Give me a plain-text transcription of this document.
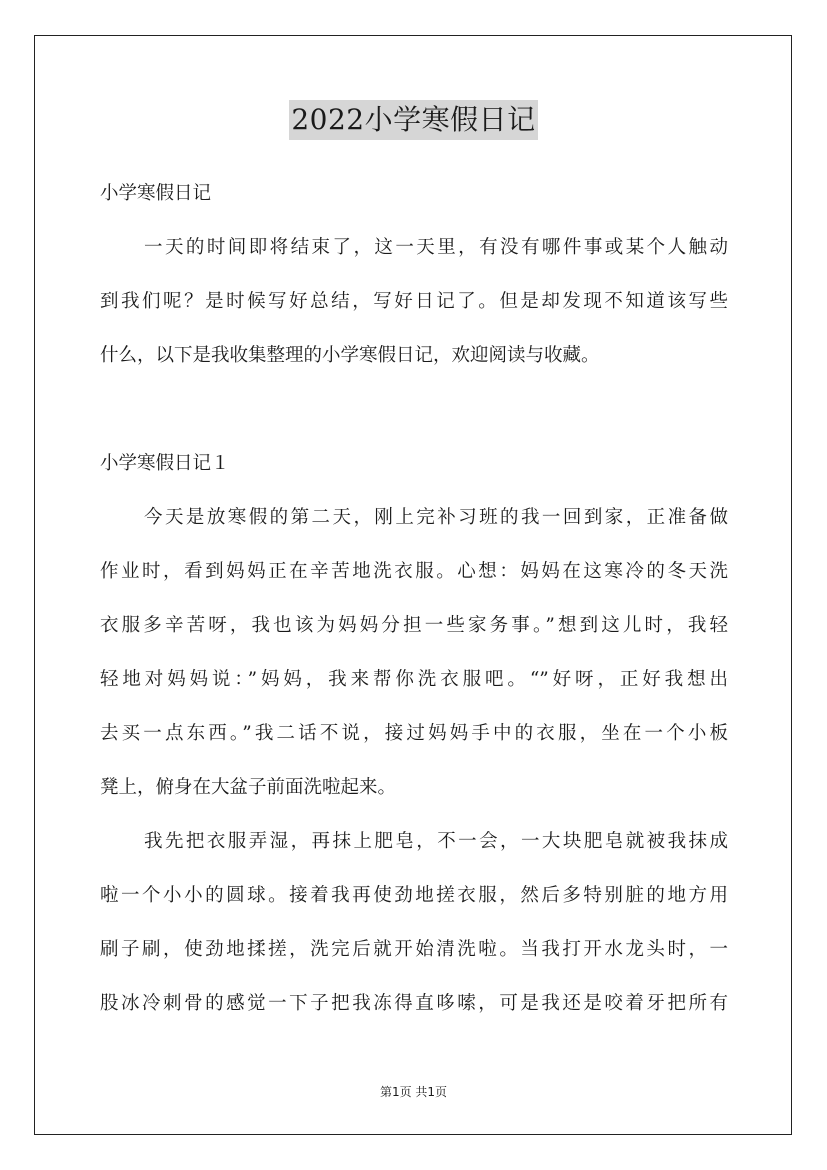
2022小学寒假日记
小学寒假日记
一天的时间即将结束了，这一天里，有没有哪件事或某个人触动
到我们呢？是时候写好总结，写好日记了。但是却发现不知道该写些
什么，以下是我收集整理的小学寒假日记，欢迎阅读与收藏。
小学寒假日记１
今天是放寒假的第二天，刚上完补习班的我一回到家，正准备做
作业时，看到妈妈正在辛苦地洗衣服。心想：妈妈在这寒冷的冬天洗
衣服多辛苦呀，我也该为妈妈分担一些家务事。”想到这儿时，我轻
轻地对妈妈说：”妈妈，我来帮你洗衣服吧。“”好呀，正好我想出
去买一点东西。”我二话不说，接过妈妈手中的衣服，坐在一个小板
凳上，俯身在大盆子前面洗啦起来。
我先把衣服弄湿，再抹上肥皂，不一会，一大块肥皂就被我抹成
啦一个小小的圆球。接着我再使劲地搓衣服，然后多特别脏的地方用
刷子刷，使劲地揉搓，洗完后就开始清洗啦。当我打开水龙头时，一
股冰冷刺骨的感觉一下子把我冻得直哆嗦，可是我还是咬着牙把所有
第1页 共1页
